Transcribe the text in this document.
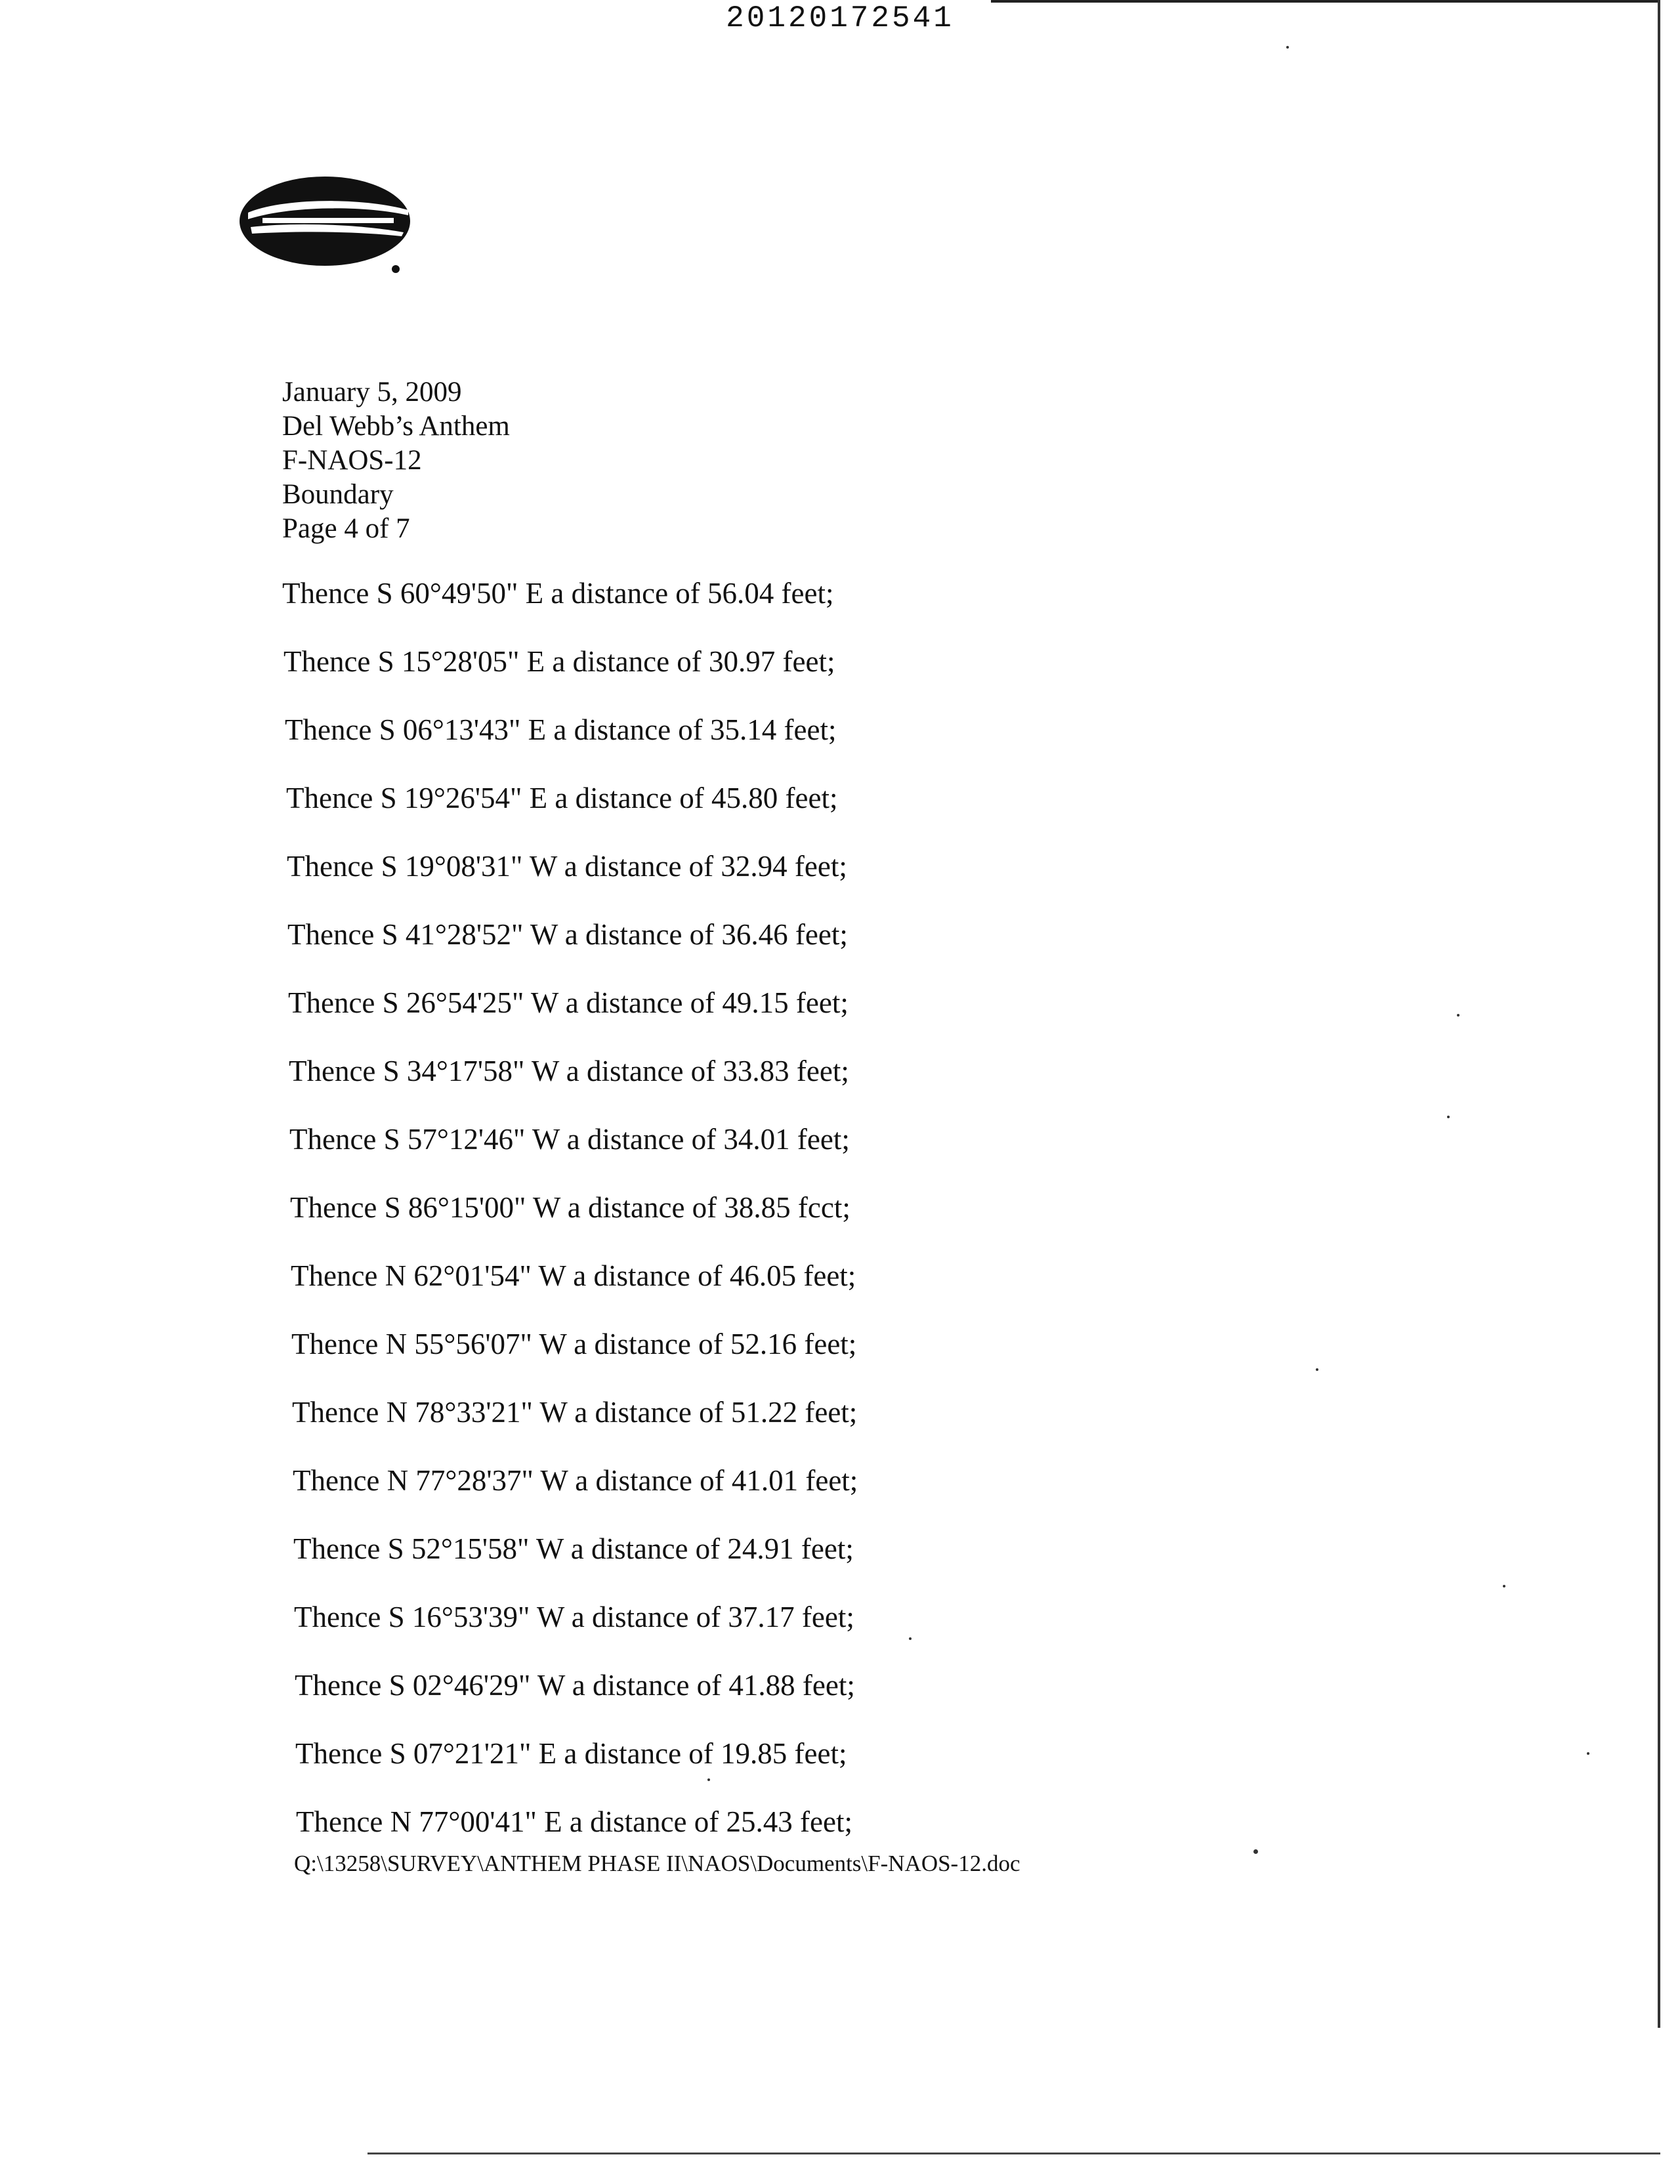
20120172541
January 5, 2009
Del Webb’s Anthem
F-NAOS-12
Boundary
Page 4 of 7
Thence S 60°49'50" E a distance of 56.04 feet;
Thence S 15°28'05" E a distance of 30.97 feet;
Thence S 06°13'43" E a distance of 35.14 feet;
Thence S 19°26'54" E a distance of 45.80 feet;
Thence S 19°08'31" W a distance of 32.94 feet;
Thence S 41°28'52" W a distance of 36.46 feet;
Thence S 26°54'25" W a distance of 49.15 feet;
Thence S 34°17'58" W a distance of 33.83 feet;
Thence S 57°12'46" W a distance of 34.01 feet;
Thence S 86°15'00" W a distance of 38.85 fcct;
Thence N 62°01'54" W a distance of 46.05 feet;
Thence N 55°56'07" W a distance of 52.16 feet;
Thence N 78°33'21" W a distance of 51.22 feet;
Thence N 77°28'37" W a distance of 41.01 feet;
Thence S 52°15'58" W a distance of 24.91 feet;
Thence S 16°53'39" W a distance of 37.17 feet;
Thence S 02°46'29" W a distance of 41.88 feet;
Thence S 07°21'21" E a distance of 19.85 feet;
Thence N 77°00'41" E a distance of 25.43 feet;
Q:\13258\SURVEY\ANTHEM PHASE II\NAOS\Documents\F-NAOS-12.doc
